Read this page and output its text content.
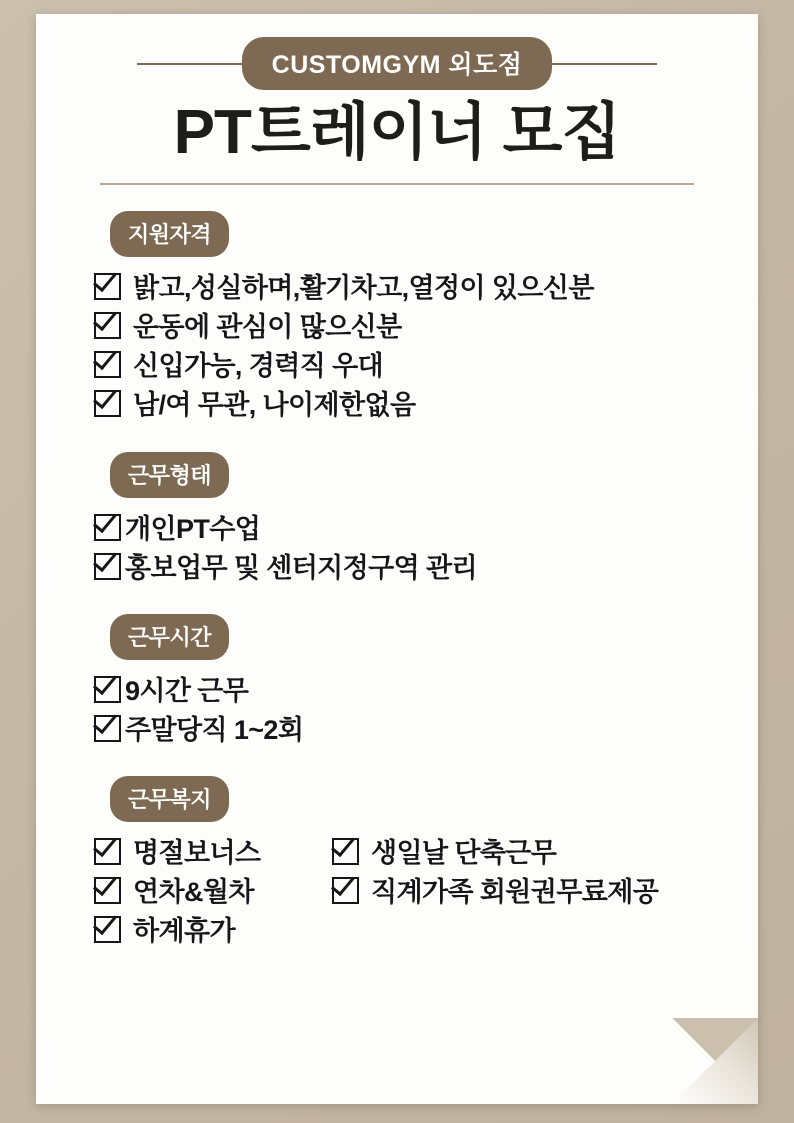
CUSTOMGYM 외도점
PT트레이너 모집
지원자격
밝고,성실하며,활기차고,열정이 있으신분
운동에 관심이 많으신분
신입가능, 경력직 우대
남/여 무관, 나이제한없음
근무형태
개인PT수업
홍보업무 및 센터지정구역 관리
근무시간
9시간 근무
주말당직 1~2회
근무복지
명절보너스
연차&월차
하계휴가
생일날 단축근무
직계가족 회원권무료제공
